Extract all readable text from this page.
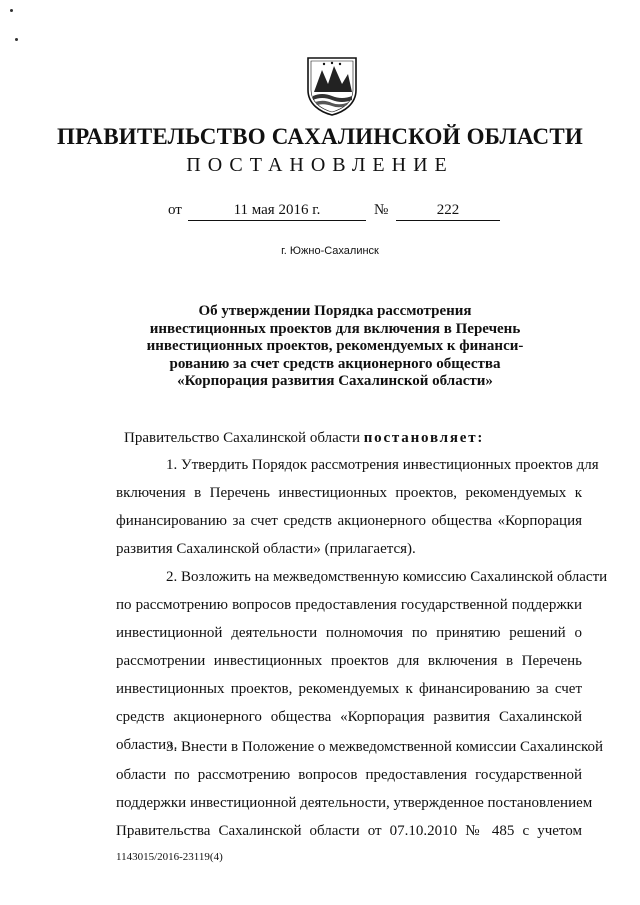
ПРАВИТЕЛЬСТВО САХАЛИНСКОЙ ОБЛАСТИ
ПОСТАНОВЛЕНИЕ
от	11 мая 2016 г.	№	222
г. Южно-Сахалинск
Об утверждении Порядка рассмотрения
инвестиционных проектов для включения в Перечень
инвестиционных проектов, рекомендуемых к финанси-
рованию за счет средств акционерного общества
«Корпорация развития Сахалинской области»
Правительство Сахалинской области постановляет:
1. Утвердить Порядок рассмотрения инвестиционных проектов для
включения в Перечень инвестиционных проектов, рекомендуемых к
финансированию за счет средств акционерного общества «Корпорация
развития Сахалинской области» (прилагается).
2. Возложить на межведомственную комиссию Сахалинской области
по рассмотрению вопросов предоставления государственной поддержки
инвестиционной деятельности полномочия по принятию решений о
рассмотрении инвестиционных проектов для включения в Перечень
инвестиционных проектов, рекомендуемых к финансированию за счет
средств акционерного общества «Корпорация развития Сахалинской
области».
3. Внести в Положение о межведомственной комиссии Сахалинской
области по рассмотрению вопросов предоставления государственной
поддержки инвестиционной деятельности, утвержденное постановлением
Правительства Сахалинской области от 07.10.2010 № 485 с учетом
1143015/2016-23119(4)
